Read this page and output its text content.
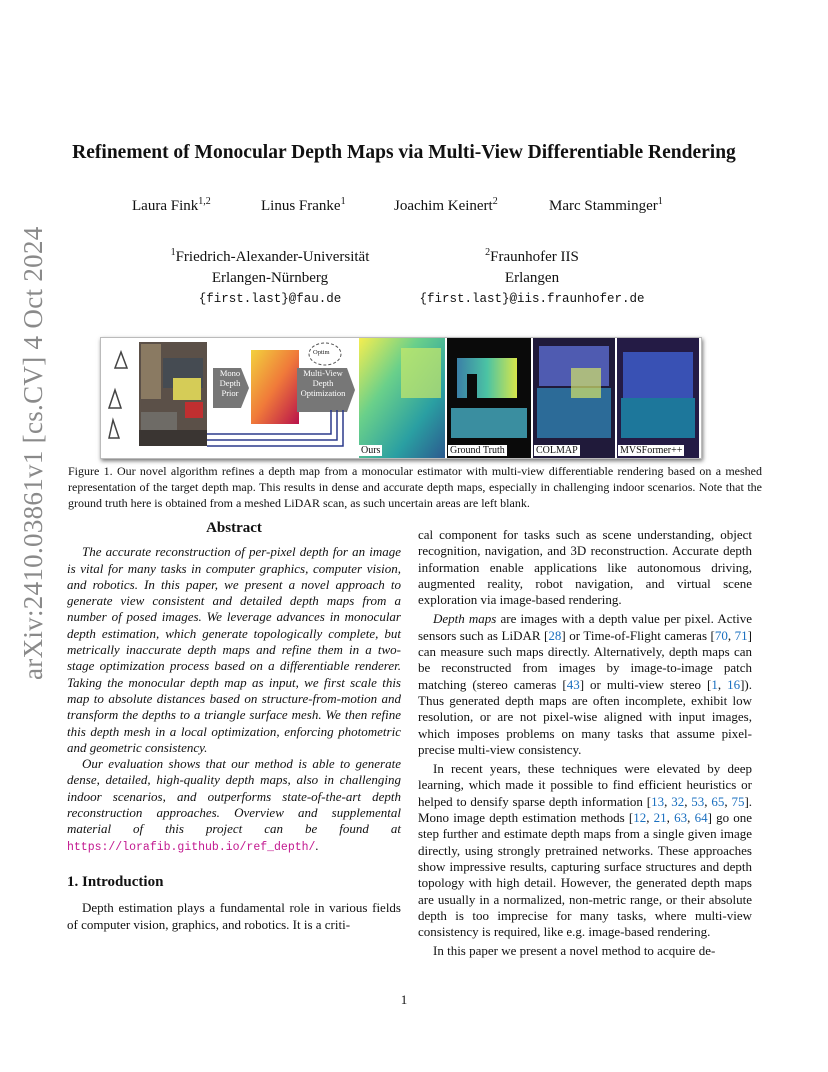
arXiv:2410.03861v1 [cs.CV] 4 Oct 2024
Refinement of Monocular Depth Maps via Multi-View Differentiable Rendering
Laura Fink$^{1,2}$	Linus Franke$^1$	Joachim Keinert$^2$	Marc Stamminger$^1$
$^1$Friedrich-Alexander-Universität
Erlangen-Nürnberg
{first.last}@fau.de
$^2$Fraunhofer IIS
Erlangen
{first.last}@iis.fraunhofer.de
Mono Depth Prior
Multi-View Depth Optimization
Optim
Ours	Ground Truth	COLMAP	MVSFormer++
Figure 1. Our novel algorithm refines a depth map from a monocular estimator with multi-view differentiable rendering based on a meshed representation of the target depth map. This results in dense and accurate depth maps, especially in challenging indoor scenarios. Note that the ground truth here is obtained from a meshed LiDAR scan, as such uncertain areas are left blank.
Abstract

The accurate reconstruction of per-pixel depth for an image is vital for many tasks in computer graphics, computer vision, and robotics. In this paper, we present a novel approach to generate view consistent and detailed depth maps from a number of posed images. We leverage advances in monocular depth estimation, which generate topologically complete, but metrically inaccurate depth maps and refine them in a two-stage optimization process based on a differentiable renderer. Taking the monocular depth map as input, we first scale this map to absolute distances based on structure-from-motion and transform the depths to a triangle surface mesh. We then refine this depth mesh in a local optimization, enforcing photometric and geometric consistency.

Our evaluation shows that our method is able to generate dense, detailed, high-quality depth maps, also in challenging indoor scenarios, and outperforms state-of-the-art depth reconstruction approaches. Overview and supplemental material of this project can be found at https://lorafib.github.io/ref_depth/.

1. Introduction

Depth estimation plays a fundamental role in various fields of computer vision, graphics, and robotics. It is a criti-

cal component for tasks such as scene understanding, object recognition, navigation, and 3D reconstruction. Accurate depth information enable applications like autonomous driving, augmented reality, robot navigation, and virtual scene exploration via image-based rendering.

Depth maps are images with a depth value per pixel. Active sensors such as LiDAR [28] or Time-of-Flight cameras [70, 71] can measure such maps directly. Alternatively, depth maps can be reconstructed from images by image-to-image patch matching (stereo cameras [43] or multi-view stereo [1, 16]). Thus generated depth maps are often incomplete, exhibit low resolution, or are not pixel-wise aligned with input images, which imposes problems on many tasks that assume pixel-precise multi-view consistency.

In recent years, these techniques were elevated by deep learning, which made it possible to find efficient heuristics or helped to densify sparse depth information [13, 32, 53, 65, 75]. Mono image depth estimation methods [12, 21, 63, 64] go one step further and estimate depth maps from a single given image directly, using strongly pretrained networks. These approaches show impressive results, capturing surface structures and depth topology with high detail. However, the generated depth maps are usually in a normalized, non-metric range, or their absolute depth is too imprecise for many tasks, where multi-view consistency is required, like e.g. image-based rendering.

In this paper we present a novel method to acquire de-

1
